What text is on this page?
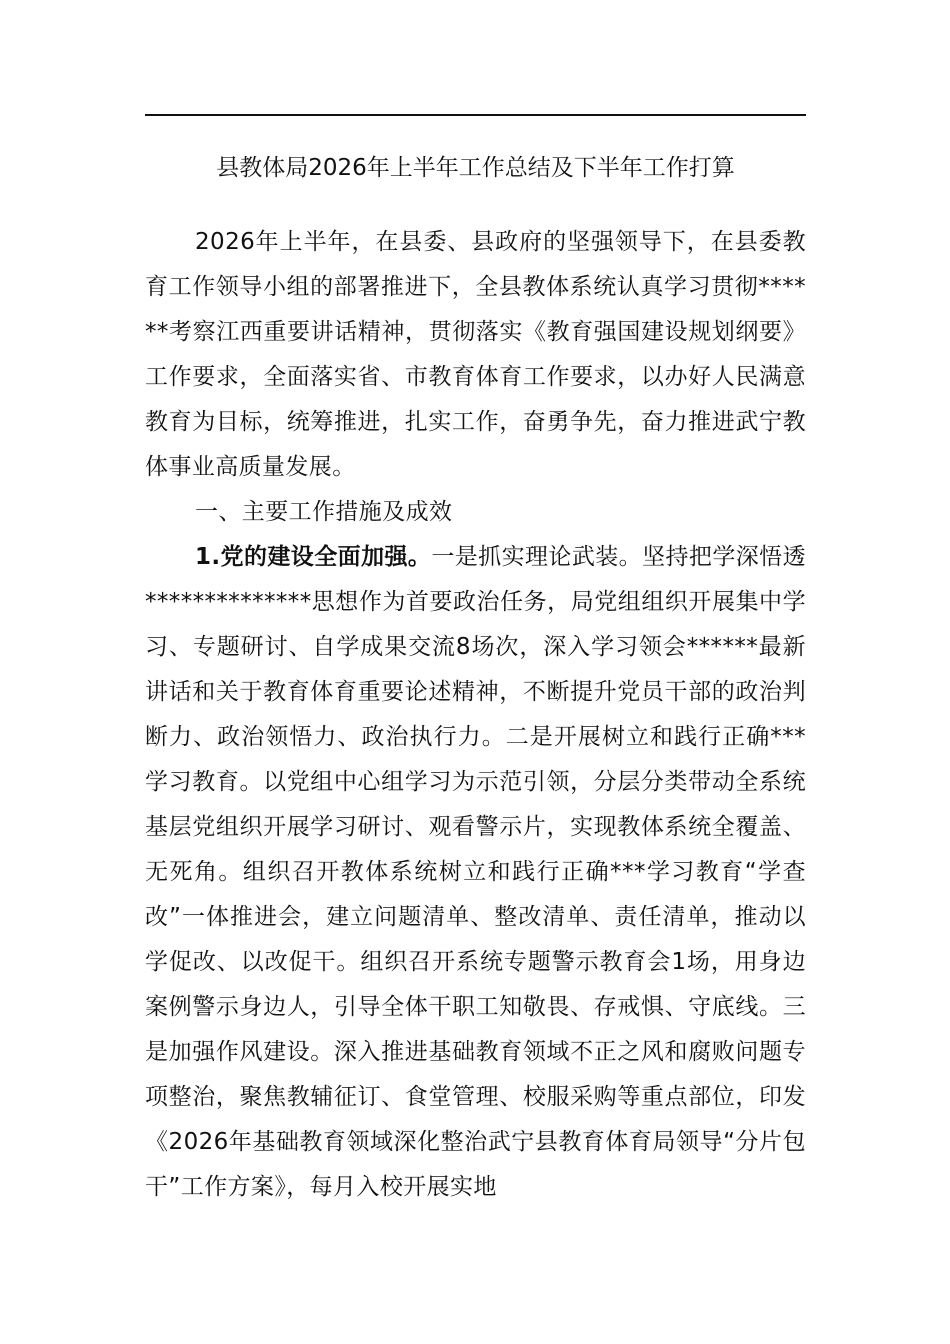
县教体局2026年上半年工作总结及下半年工作打算

2026年上半年，在县委、县政府的坚强领导下，在县委教育工作领导小组的部署推进下，全县教体系统认真学习贯彻******考察江西重要讲话精神，贯彻落实《教育强国建设规划纲要》工作要求，全面落实省、市教育体育工作要求，以办好人民满意教育为目标，统筹推进，扎实工作，奋勇争先，奋力推进武宁教体事业高质量发展。

一、主要工作措施及成效

1.党的建设全面加强。一是抓实理论武装。坚持把学深悟透**************思想作为首要政治任务，局党组组织开展集中学习、专题研讨、自学成果交流8场次，深入学习领会******最新讲话和关于教育体育重要论述精神，不断提升党员干部的政治判断力、政治领悟力、政治执行力。二是开展树立和践行正确***学习教育。以党组中心组学习为示范引领，分层分类带动全系统基层党组织开展学习研讨、观看警示片，实现教体系统全覆盖、无死角。组织召开教体系统树立和践行正确***学习教育“学查改”一体推进会，建立问题清单、整改清单、责任清单，推动以学促改、以改促干。组织召开系统专题警示教育会1场，用身边案例警示身边人，引导全体干职工知敬畏、存戒惧、守底线。三是加强作风建设。深入推进基础教育领域不正之风和腐败问题专项整治，聚焦教辅征订、食堂管理、校服采购等重点部位，印发《2026年基础教育领域深化整治武宁县教育体育局领导“分片包干”工作方案》，每月入校开展实地
